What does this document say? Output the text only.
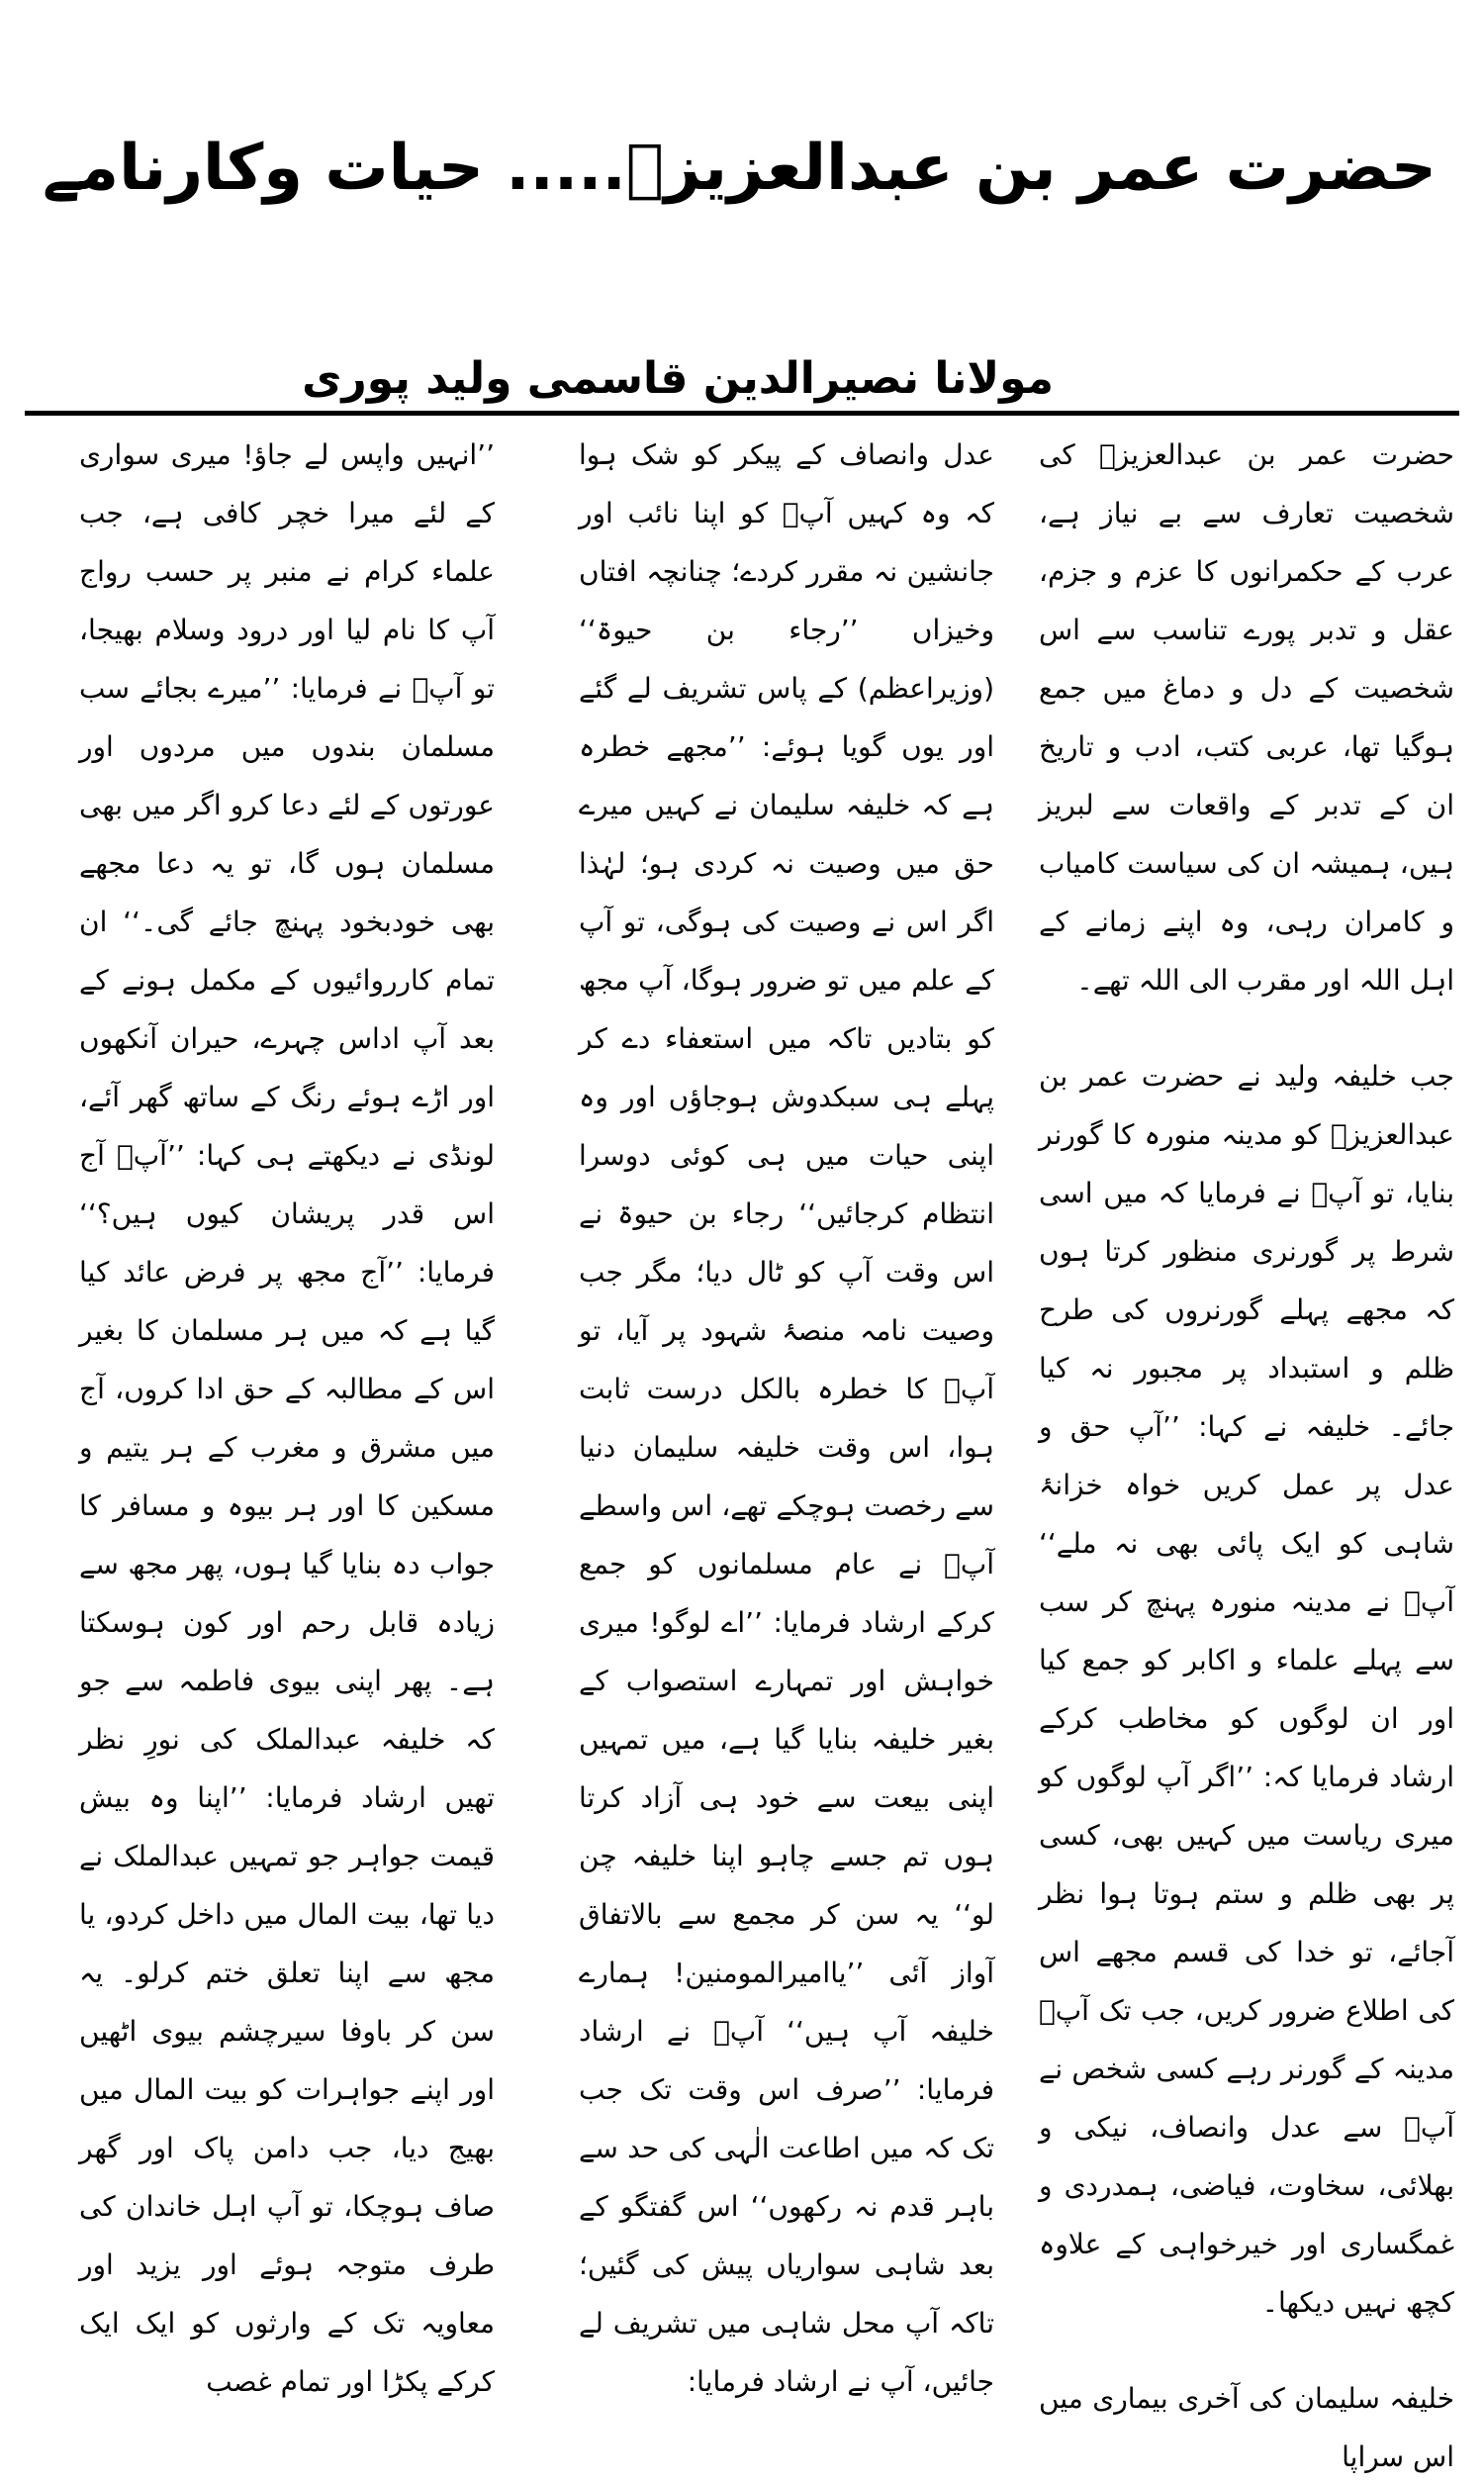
حضرت عمر بن عبدالعزیزؒ..... حیات وکارنامے
مولانا نصیرالدین قاسمی ولید پوری

حضرت عمر بن عبدالعزیزؒ کی شخصیت تعارف سے بے نیاز ہے، عرب کے حکمرانوں کا عزم و جزم، عقل و تدبر پورے تناسب سے اس شخصیت کے دل و دماغ میں جمع ہوگیا تھا، عربی کتب، ادب و تاریخ ان کے تدبر کے واقعات سے لبریز ہیں، ہمیشہ ان کی سیاست کامیاب و کامران رہی، وہ اپنے زمانے کے اہل اللہ اور مقرب الی اللہ تھے۔

جب خلیفہ ولید نے حضرت عمر بن عبدالعزیزؒ کو مدینہ منورہ کا گورنر بنایا، تو آپؒ نے فرمایا کہ میں اسی شرط پر گورنری منظور کرتا ہوں کہ مجھے پہلے گورنروں کی طرح ظلم و استبداد پر مجبور نہ کیا جائے۔ خلیفہ نے کہا: ’’آپ حق و عدل پر عمل کریں خواہ خزانۂ شاہی کو ایک پائی بھی نہ ملے‘‘ آپؒ نے مدینہ منورہ پہنچ کر سب سے پہلے علماء و اکابر کو جمع کیا اور ان لوگوں کو مخاطب کرکے ارشاد فرمایا کہ: ’’اگر آپ لوگوں کو میری ریاست میں کہیں بھی، کسی پر بھی ظلم و ستم ہوتا ہوا نظر آجائے، تو خدا کی قسم مجھے اس کی اطلاع ضرور کریں، جب تک آپؒ مدینہ کے گورنر رہے کسی شخص نے آپؒ سے عدل وانصاف، نیکی و بھلائی، سخاوت، فیاضی، ہمدردی و غمگساری اور خیرخواہی کے علاوہ کچھ نہیں دیکھا۔

خلیفہ سلیمان کی آخری بیماری میں اس سراپا

عدل وانصاف کے پیکر کو شک ہوا کہ وہ کہیں آپؒ کو اپنا نائب اور جانشین نہ مقرر کردے؛ چنانچہ افتاں وخیزاں ’’رجاء بن حیوۃ‘‘ (وزیراعظم) کے پاس تشریف لے گئے اور یوں گویا ہوئے: ’’مجھے خطرہ ہے کہ خلیفہ سلیمان نے کہیں میرے حق میں وصیت نہ کردی ہو؛ لہٰذا اگر اس نے وصیت کی ہوگی، تو آپ کے علم میں تو ضرور ہوگا، آپ مجھ کو بتادیں تاکہ میں استعفاء دے کر پہلے ہی سبکدوش ہوجاؤں اور وہ اپنی حیات میں ہی کوئی دوسرا انتظام کرجائیں‘‘ رجاء بن حیوۃ نے اس وقت آپ کو ٹال دیا؛ مگر جب وصیت نامہ منصۂ شہود پر آیا، تو آپؒ کا خطرہ بالکل درست ثابت ہوا، اس وقت خلیفہ سلیمان دنیا سے رخصت ہوچکے تھے، اس واسطے آپؒ نے عام مسلمانوں کو جمع کرکے ارشاد فرمایا: ’’اے لوگو! میری خواہش اور تمہارے استصواب کے بغیر خلیفہ بنایا گیا ہے، میں تمہیں اپنی بیعت سے خود ہی آزاد کرتا ہوں تم جسے چاہو اپنا خلیفہ چن لو‘‘ یہ سن کر مجمع سے بالاتفاق آواز آئی ’’یاامیرالمومنین! ہمارے خلیفہ آپ ہیں‘‘ آپؒ نے ارشاد فرمایا: ’’صرف اس وقت تک جب تک کہ میں اطاعت الٰہی کی حد سے باہر قدم نہ رکھوں‘‘ اس گفتگو کے بعد شاہی سواریاں پیش کی گئیں؛ تاکہ آپ محل شاہی میں تشریف لے جائیں، آپ نے ارشاد فرمایا:

’’انہیں واپس لے جاؤ! میری سواری کے لئے میرا خچر کافی ہے، جب علماء کرام نے منبر پر حسب رواج آپ کا نام لیا اور درود وسلام بھیجا، تو آپؒ نے فرمایا: ’’میرے بجائے سب مسلمان بندوں میں مردوں اور عورتوں کے لئے دعا کرو اگر میں بھی مسلمان ہوں گا، تو یہ دعا مجھے بھی خودبخود پہنچ جائے گی۔‘‘ ان تمام کارروائیوں کے مکمل ہونے کے بعد آپ اداس چہرے، حیران آنکھوں اور اڑے ہوئے رنگ کے ساتھ گھر آئے، لونڈی نے دیکھتے ہی کہا: ’’آپؒ آج اس قدر پریشان کیوں ہیں؟‘‘ فرمایا: ’’آج مجھ پر فرض عائد کیا گیا ہے کہ میں ہر مسلمان کا بغیر اس کے مطالبہ کے حق ادا کروں، آج میں مشرق و مغرب کے ہر یتیم و مسکین کا اور ہر بیوہ و مسافر کا جواب دہ بنایا گیا ہوں، پھر مجھ سے زیادہ قابل رحم اور کون ہوسکتا ہے۔ پھر اپنی بیوی فاطمہ سے جو کہ خلیفہ عبدالملک کی نورِ نظر تھیں ارشاد فرمایا: ’’اپنا وہ بیش قیمت جواہر جو تمہیں عبدالملک نے دیا تھا، بیت المال میں داخل کردو، یا مجھ سے اپنا تعلق ختم کرلو۔ یہ سن کر باوفا سیرچشم بیوی اٹھیں اور اپنے جواہرات کو بیت المال میں بھیج دیا، جب دامن پاک اور گھر صاف ہوچکا، تو آپ اہل خاندان کی طرف متوجہ ہوئے اور یزید اور معاویہ تک کے وارثوں کو ایک ایک کرکے پکڑا اور تمام غصب
